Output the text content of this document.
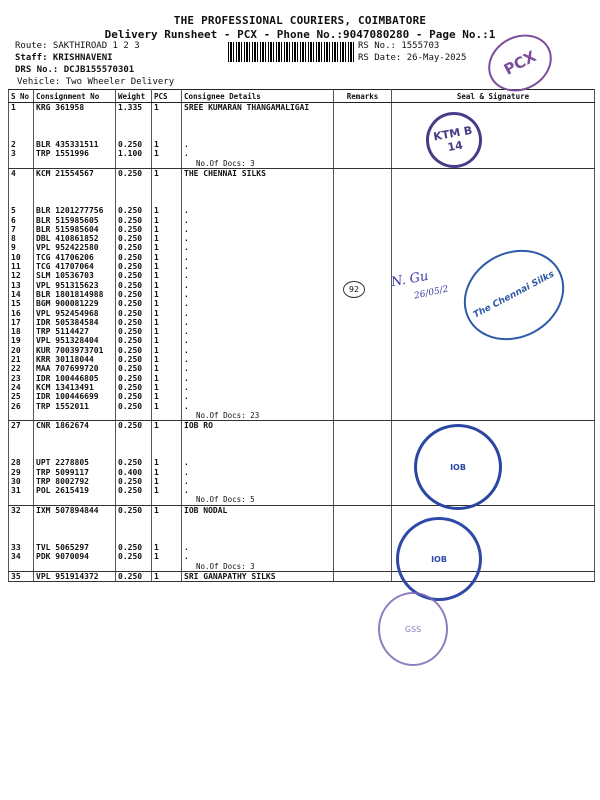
THE PROFESSIONAL COURIERS, COIMBATORE
Delivery Runsheet - PCX - Phone No.:9047080280 - Page No.:1
Route: SAKTHIROAD 1 2 3
Staff: KRISHNAVENI
DRS No.: DCJB155570301
Vehicle: Two Wheeler Delivery
RS No.: 1555703
RS Date: 26-May-2025
S No	Consignment No	Weight	PCS	Consignee Details	Remarks	Seal & Signature
1	KRG 361958	1.335	1	SREE KUMARAN THANGAMALIGAI		

2	BLR 435331511	0.250	1	.		
3	TRP 1551996	1.100	1	.		
				No.Of Docs: 3		
4	KCM 21554567	0.250	1	THE CHENNAI SILKS		

5	BLR 1201277756	0.250	1	.		
6	BLR 515985605	0.250	1	.		
7	BLR 515985604	0.250	1	.		
8	DBL 410861852	0.250	1	.		
9	VPL 952422580	0.250	1	.		
10	TCG 41706206	0.250	1	.		
11	TCG 41707064	0.250	1	.		
12	SLM 10536703	0.250	1	.		
13	VPL 951315623	0.250	1	.		
14	BLR 1801814988	0.250	1	.		
15	BGM 900081229	0.250	1	.		
16	VPL 952454968	0.250	1	.		
17	IDR 505384584	0.250	1	.		
18	TRP 5114427	0.250	1	.		
19	VPL 951328404	0.250	1	.		
20	KUR 7003973701	0.250	1	.		
21	KRR 30118044	0.250	1	.		
22	MAA 707699720	0.250	1	.		
23	IDR 100446805	0.250	1	.		
24	KCM 13413491	0.250	1	.		
25	IDR 100446699	0.250	1	.		
26	TRP 1552011	0.250	1	.		
				No.Of Docs: 23		
27	CNR 1862674	0.250	1	IOB RO		

28	UPT 2278805	0.250	1	.		
29	TRP 5099117	0.400	1	.		
30	TRP 8002792	0.250	1	.		
31	POL 2615419	0.250	1	.		
				No.Of Docs: 5		
32	IXM 507894844	0.250	1	IOB NODAL		

33	TVL 5065297	0.250	1	.		
34	PDK 9070094	0.250	1	.		
				No.Of Docs: 3		
35	VPL 951914372	0.250	1	SRI GANAPATHY SILKS		
PCX
KTM B 14
The Chennai Silks
IOB
IOB
GSS
N. Gu
26/05/2
92
